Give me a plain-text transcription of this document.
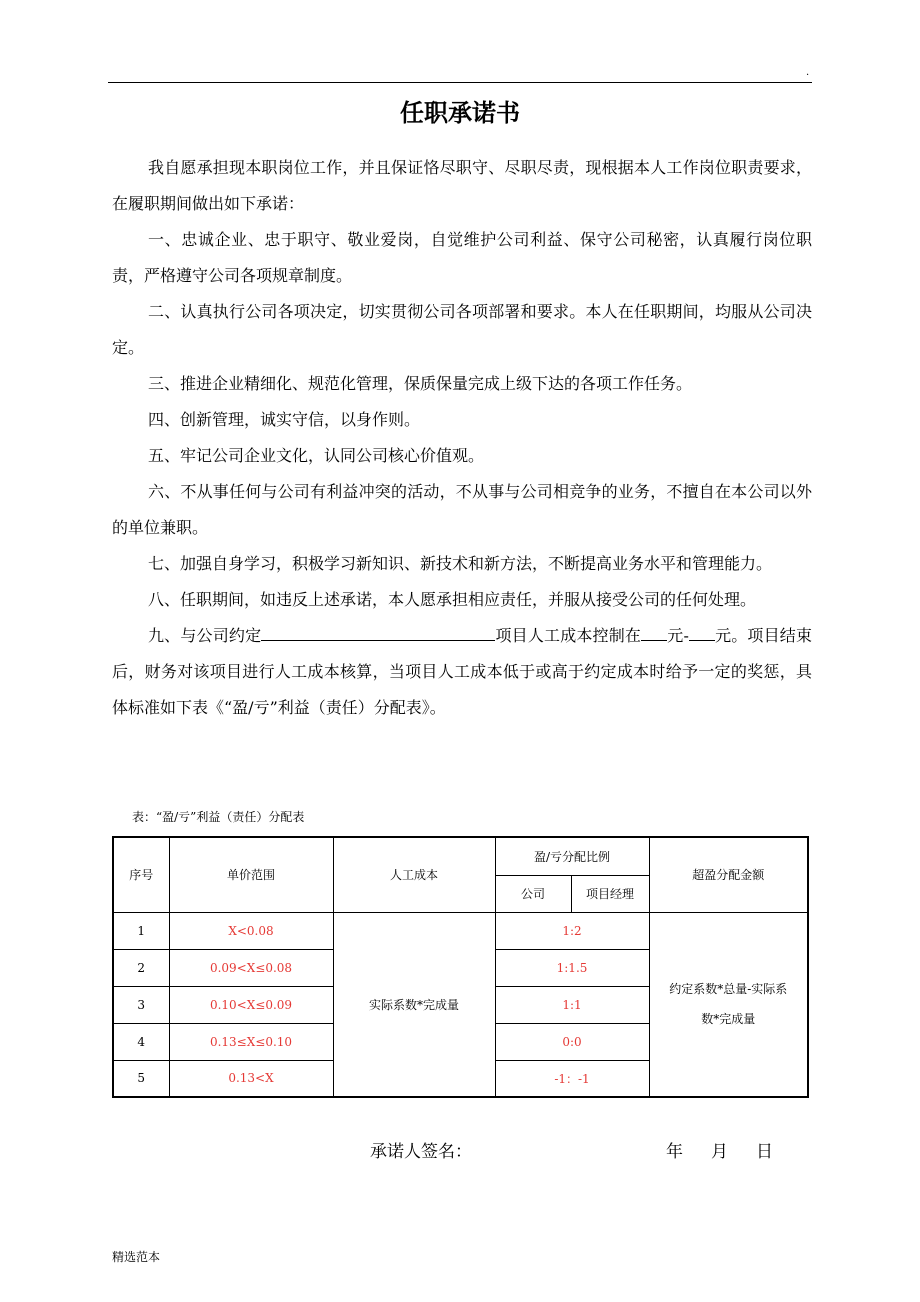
.
任职承诺书

我自愿承担现本职岗位工作，并且保证恪尽职守、尽职尽责，现根据本人工作岗位职责要求，在履职期间做出如下承诺：

一、忠诚企业、忠于职守、敬业爱岗，自觉维护公司利益、保守公司秘密，认真履行岗位职责，严格遵守公司各项规章制度。

二、认真执行公司各项决定，切实贯彻公司各项部署和要求。本人在任职期间，均服从公司决定。

三、推进企业精细化、规范化管理，保质保量完成上级下达的各项工作任务。

四、创新管理，诚实守信，以身作则。

五、牢记公司企业文化，认同公司核心价值观。

六、不从事任何与公司有利益冲突的活动，不从事与公司相竞争的业务，不擅自在本公司以外的单位兼职。

七、加强自身学习，积极学习新知识、新技术和新方法，不断提高业务水平和管理能力。

八、任职期间，如违反上述承诺，本人愿承担相应责任，并服从接受公司的任何处理。

九、与公司约定	项目人工成本控制在 元- 元。项目结束后，财务对该项目进行人工成本核算，当项目人工成本低于或高于约定成本时给予一定的奖惩，具体标准如下表《“盈/亏”利益（责任）分配表》。

表：“盈/亏”利益（责任）分配表
序号	单价范围	人工成本	盈/亏分配比例		超盈分配金额
			公司	项目经理	
1	X<0.08	实际系数*完成量	1:2		约定系数*总量-实际系
数*完成量
2	0.09<X≤0.08		1:1.5		
3	0.10<X≤0.09		1:1		
4	0.13≤X≤0.10		0:0		
5	0.13<X		-1：-1		
承诺人签名：	年 月 日
精选范本
